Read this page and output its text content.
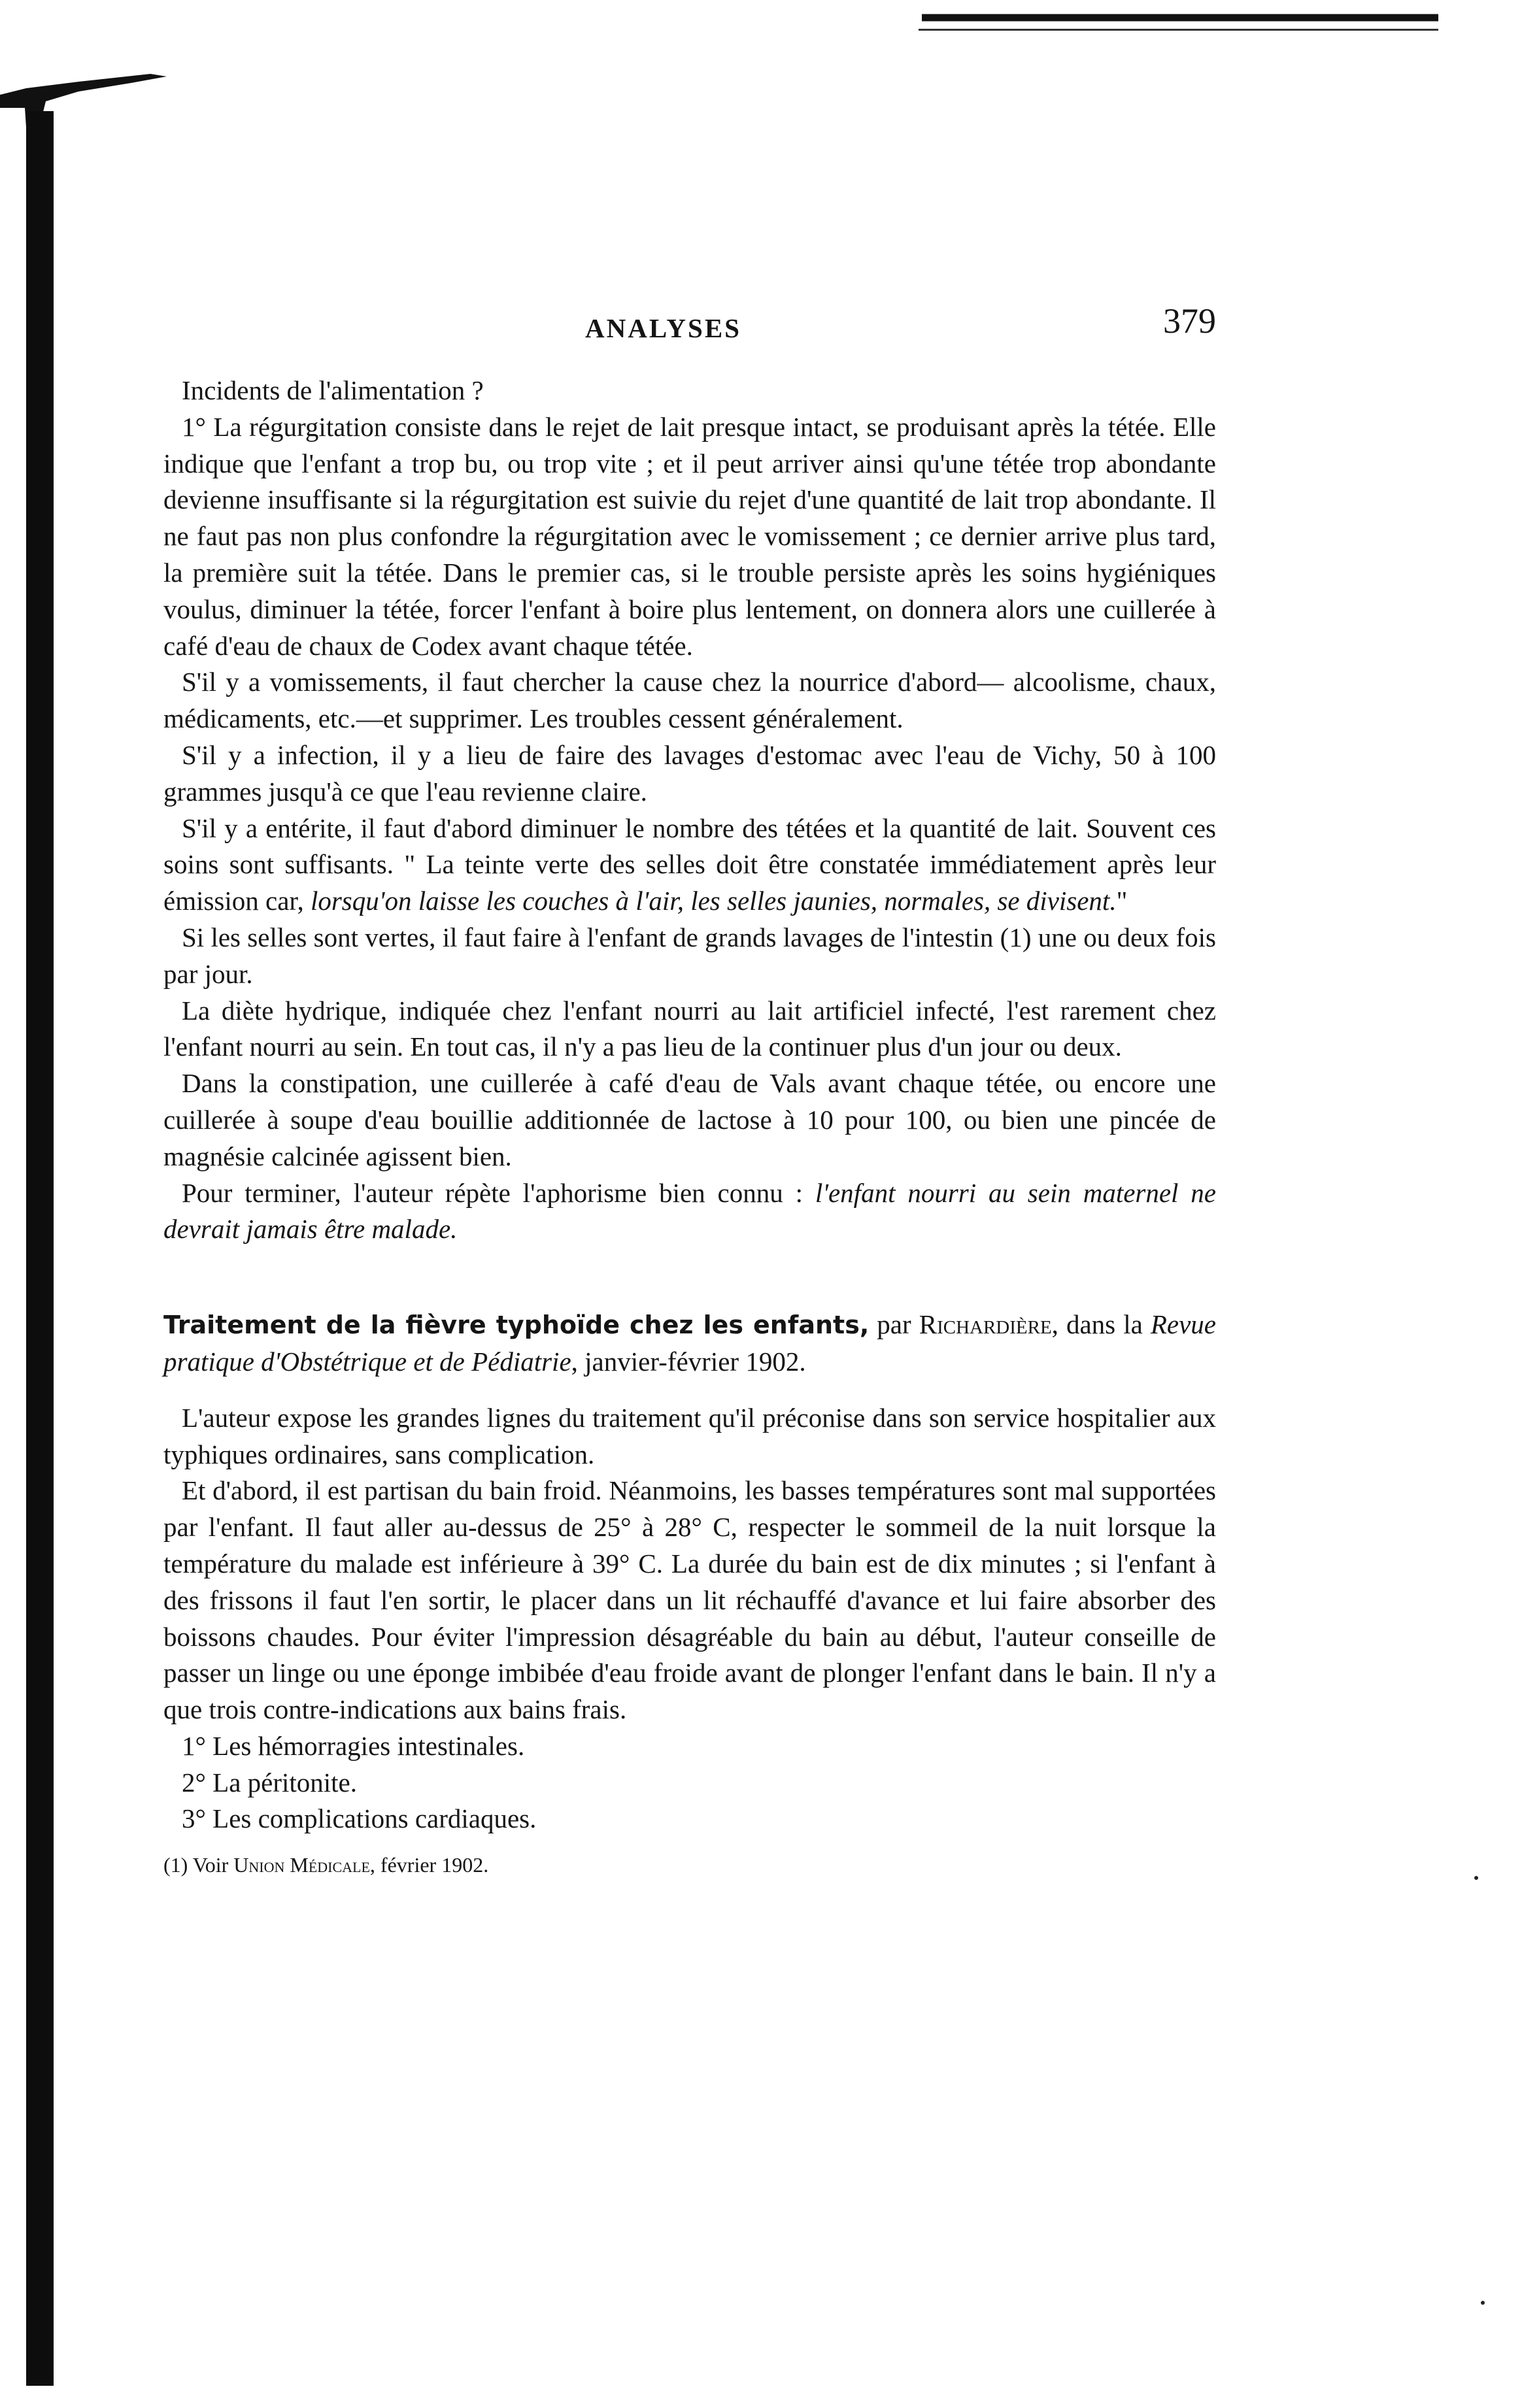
ANALYSES	379

Incidents de l'alimentation ?

1° La régurgitation consiste dans le rejet de lait presque intact, se produisant après la tétée. Elle indique que l'enfant a trop bu, ou trop vite ; et il peut arriver ainsi qu'une tétée trop abondante devienne insuffisante si la régurgitation est suivie du rejet d'une quantité de lait trop abondante. Il ne faut pas non plus confondre la régurgitation avec le vomissement ; ce dernier arrive plus tard, la première suit la tétée. Dans le premier cas, si le trouble persiste après les soins hygiéniques voulus, diminuer la tétée, forcer l'enfant à boire plus lentement, on donnera alors une cuillerée à café d'eau de chaux de Codex avant chaque tétée.

S'il y a vomissements, il faut chercher la cause chez la nourrice d'abord— alcoolisme, chaux, médicaments, etc.—et supprimer. Les troubles cessent généralement.

S'il y a infection, il y a lieu de faire des lavages d'estomac avec l'eau de Vichy, 50 à 100 grammes jusqu'à ce que l'eau revienne claire.

S'il y a entérite, il faut d'abord diminuer le nombre des tétées et la quantité de lait. Souvent ces soins sont suffisants. " La teinte verte des selles doit être constatée immédiatement après leur émission car, lorsqu'on laisse les couches à l'air, les selles jaunies, normales, se divisent."

Si les selles sont vertes, il faut faire à l'enfant de grands lavages de l'intestin (1) une ou deux fois par jour.

La diète hydrique, indiquée chez l'enfant nourri au lait artificiel infecté, l'est rarement chez l'enfant nourri au sein. En tout cas, il n'y a pas lieu de la continuer plus d'un jour ou deux.

Dans la constipation, une cuillerée à café d'eau de Vals avant chaque tétée, ou encore une cuillerée à soupe d'eau bouillie additionnée de lactose à 10 pour 100, ou bien une pincée de magnésie calcinée agissent bien.

Pour terminer, l'auteur répète l'aphorisme bien connu : l'enfant nourri au sein maternel ne devrait jamais être malade.

Traitement de la fièvre typhoïde chez les enfants, par Richardière, dans la Revue pratique d'Obstétrique et de Pédiatrie, janvier-février 1902.

L'auteur expose les grandes lignes du traitement qu'il préconise dans son service hospitalier aux typhiques ordinaires, sans complication.

Et d'abord, il est partisan du bain froid. Néanmoins, les basses températures sont mal supportées par l'enfant. Il faut aller au-dessus de 25° à 28° C, respecter le sommeil de la nuit lorsque la température du malade est inférieure à 39° C. La durée du bain est de dix minutes ; si l'enfant à des frissons il faut l'en sortir, le placer dans un lit réchauffé d'avance et lui faire absorber des boissons chaudes. Pour éviter l'impression désagréable du bain au début, l'auteur conseille de passer un linge ou une éponge imbibée d'eau froide avant de plonger l'enfant dans le bain. Il n'y a que trois contre-indications aux bains frais.

1° Les hémorragies intestinales.

2° La péritonite.

3° Les complications cardiaques.

(1) Voir Union Médicale, février 1902.
